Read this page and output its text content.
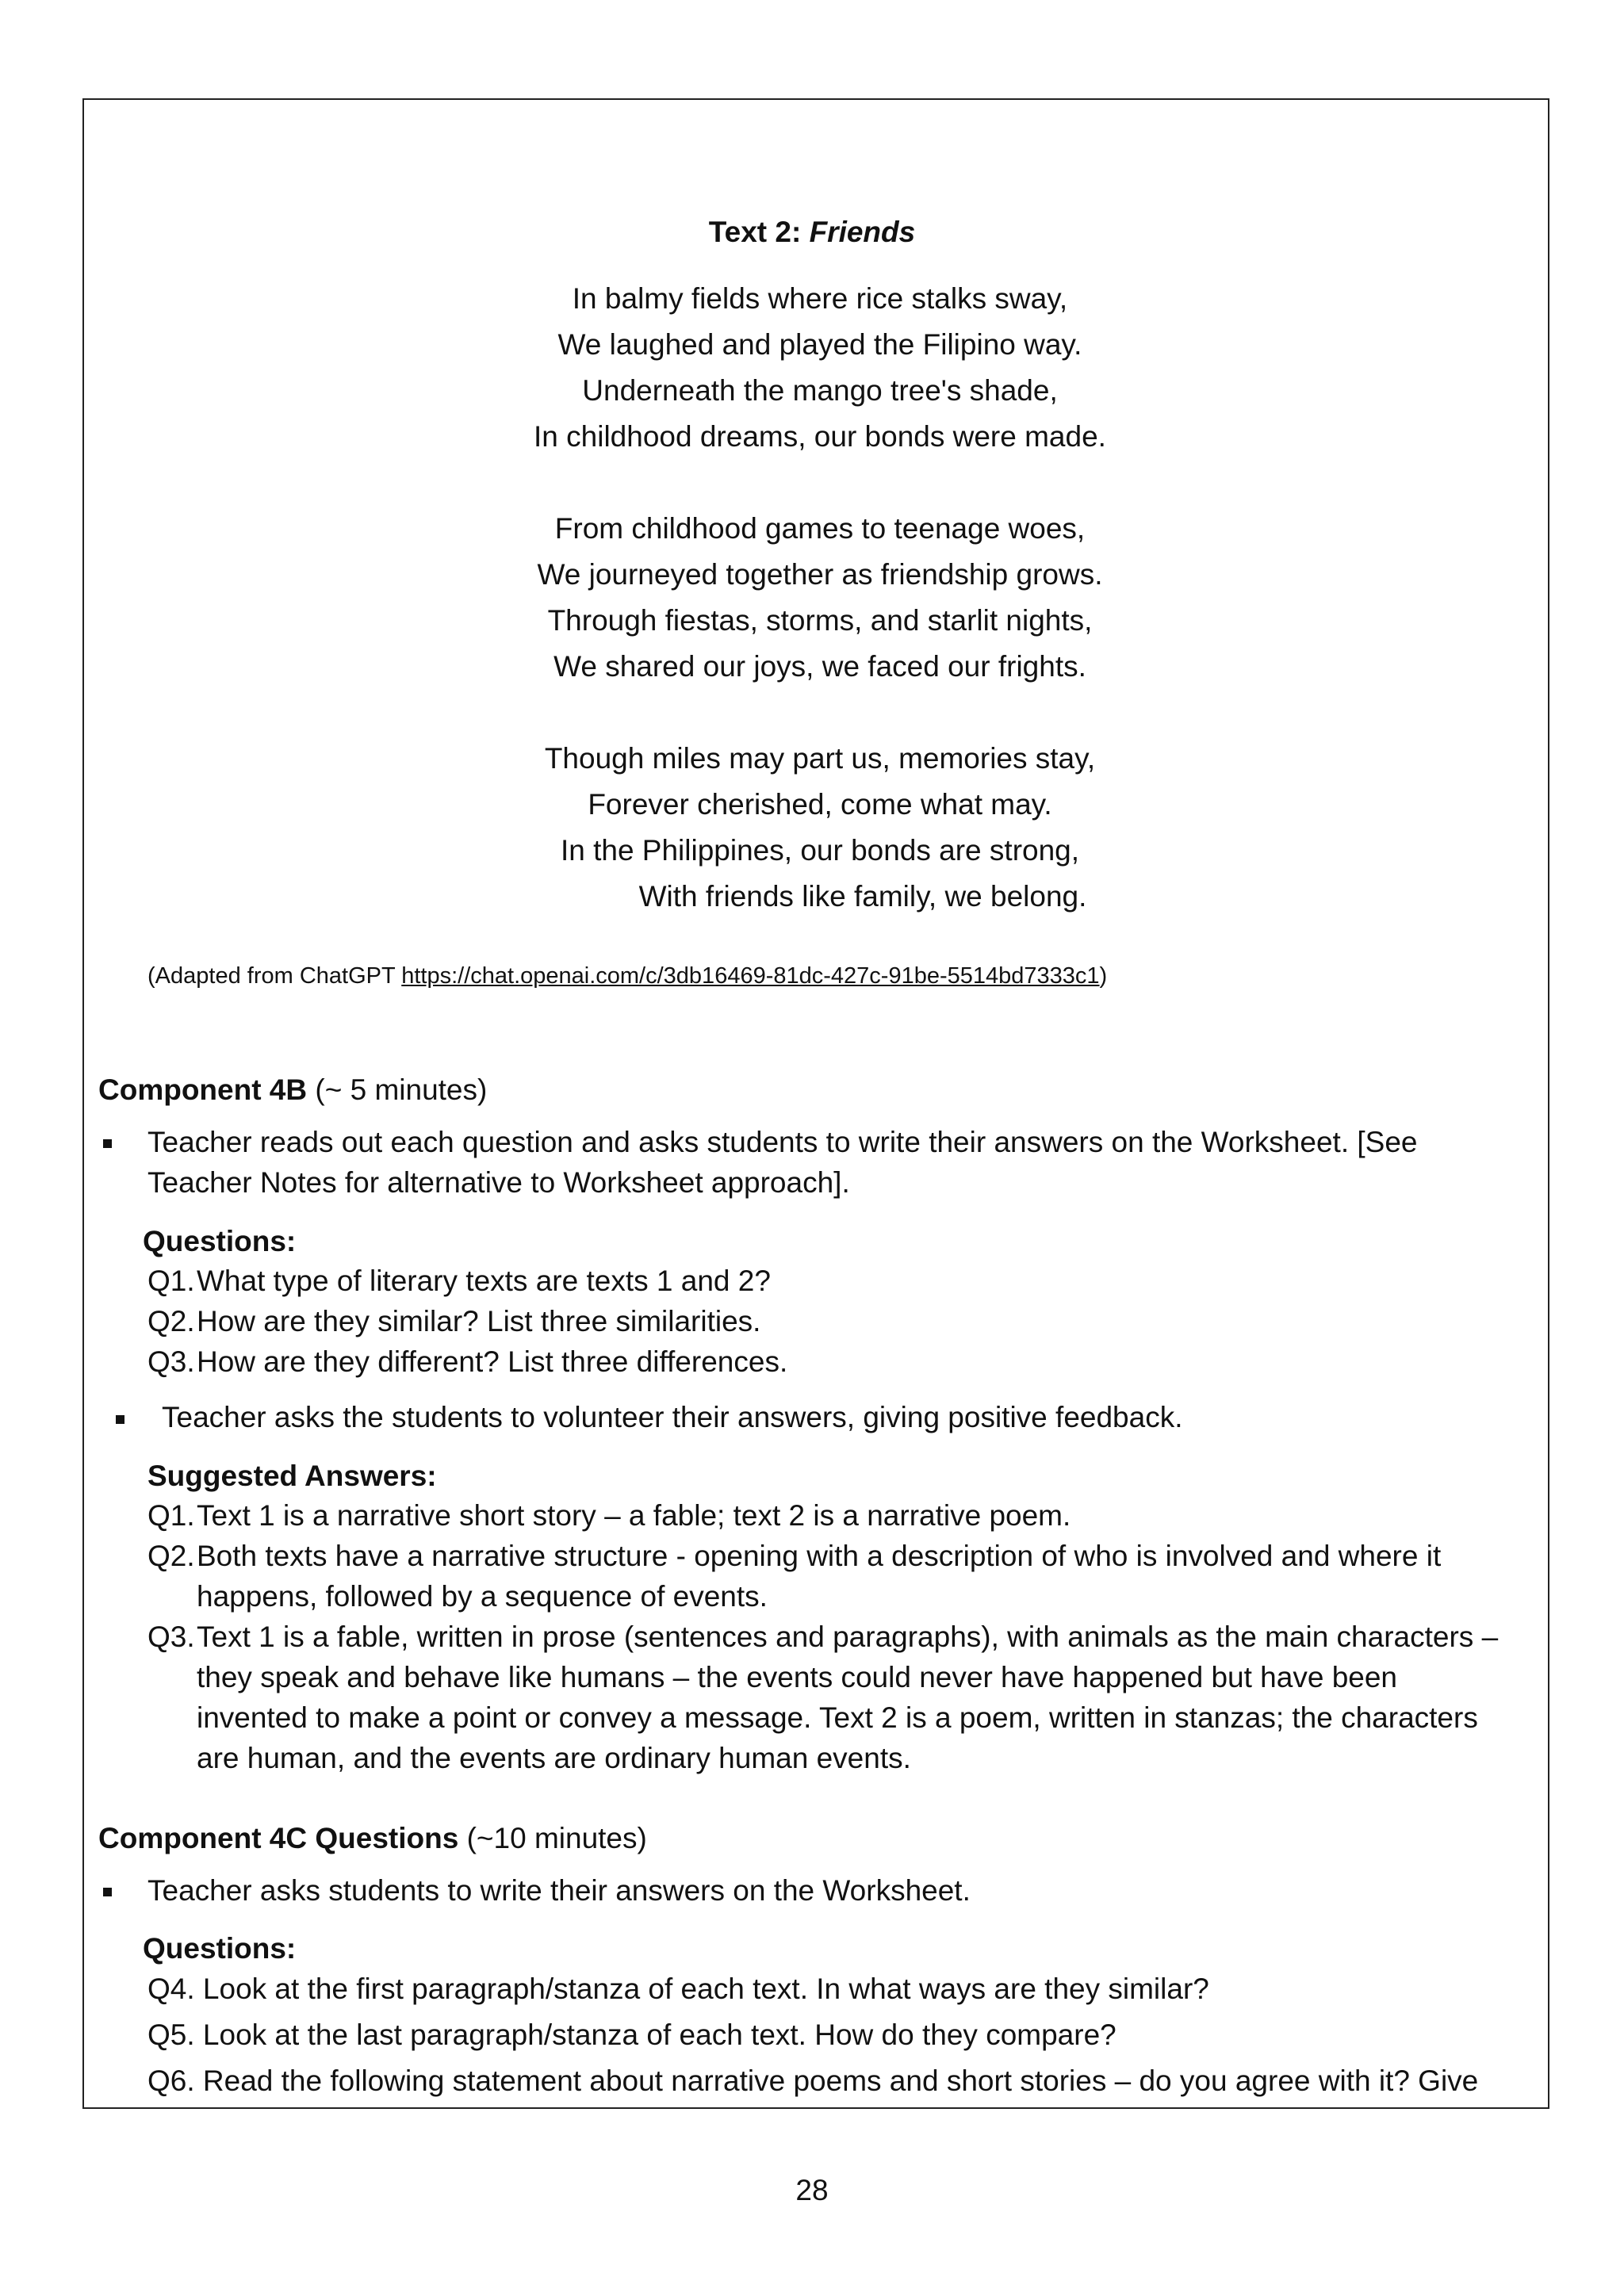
Text 2: Friends
In balmy fields where rice stalks sway,
We laughed and played the Filipino way.
Underneath the mango tree's shade,
In childhood dreams, our bonds were made.
From childhood games to teenage woes,
We journeyed together as friendship grows.
Through fiestas, storms, and starlit nights,
We shared our joys, we faced our frights.
Though miles may part us, memories stay,
Forever cherished, come what may.
In the Philippines, our bonds are strong,
With friends like family, we belong.
(Adapted from ChatGPT https://chat.openai.com/c/3db16469-81dc-427c-91be-5514bd7333c1)
Component 4B (~ 5 minutes)
Teacher reads out each question and asks students to write their answers on the Worksheet. [See
Teacher Notes for alternative to Worksheet approach].
Questions:
Q1.What type of literary texts are texts 1 and 2?
Q2.How are they similar? List three similarities.
Q3.How are they different? List three differences.
Teacher asks the students to volunteer their answers, giving positive feedback.
Suggested Answers:
Q1.Text 1 is a narrative short story – a fable; text 2 is a narrative poem.
Q2.Both texts have a narrative structure - opening with a description of who is involved and where it
happens, followed by a sequence of events.
Q3.Text 1 is a fable, written in prose (sentences and paragraphs), with animals as the main characters –
they speak and behave like humans – the events could never have happened but have been
invented to make a point or convey a message. Text 2 is a poem, written in stanzas; the characters
are human, and the events are ordinary human events.
Component 4C Questions (~10 minutes)
Teacher asks students to write their answers on the Worksheet.
Questions:
Q4. Look at the first paragraph/stanza of each text. In what ways are they similar?
Q5. Look at the last paragraph/stanza of each text. How do they compare?
Q6. Read the following statement about narrative poems and short stories – do you agree with it? Give
28
